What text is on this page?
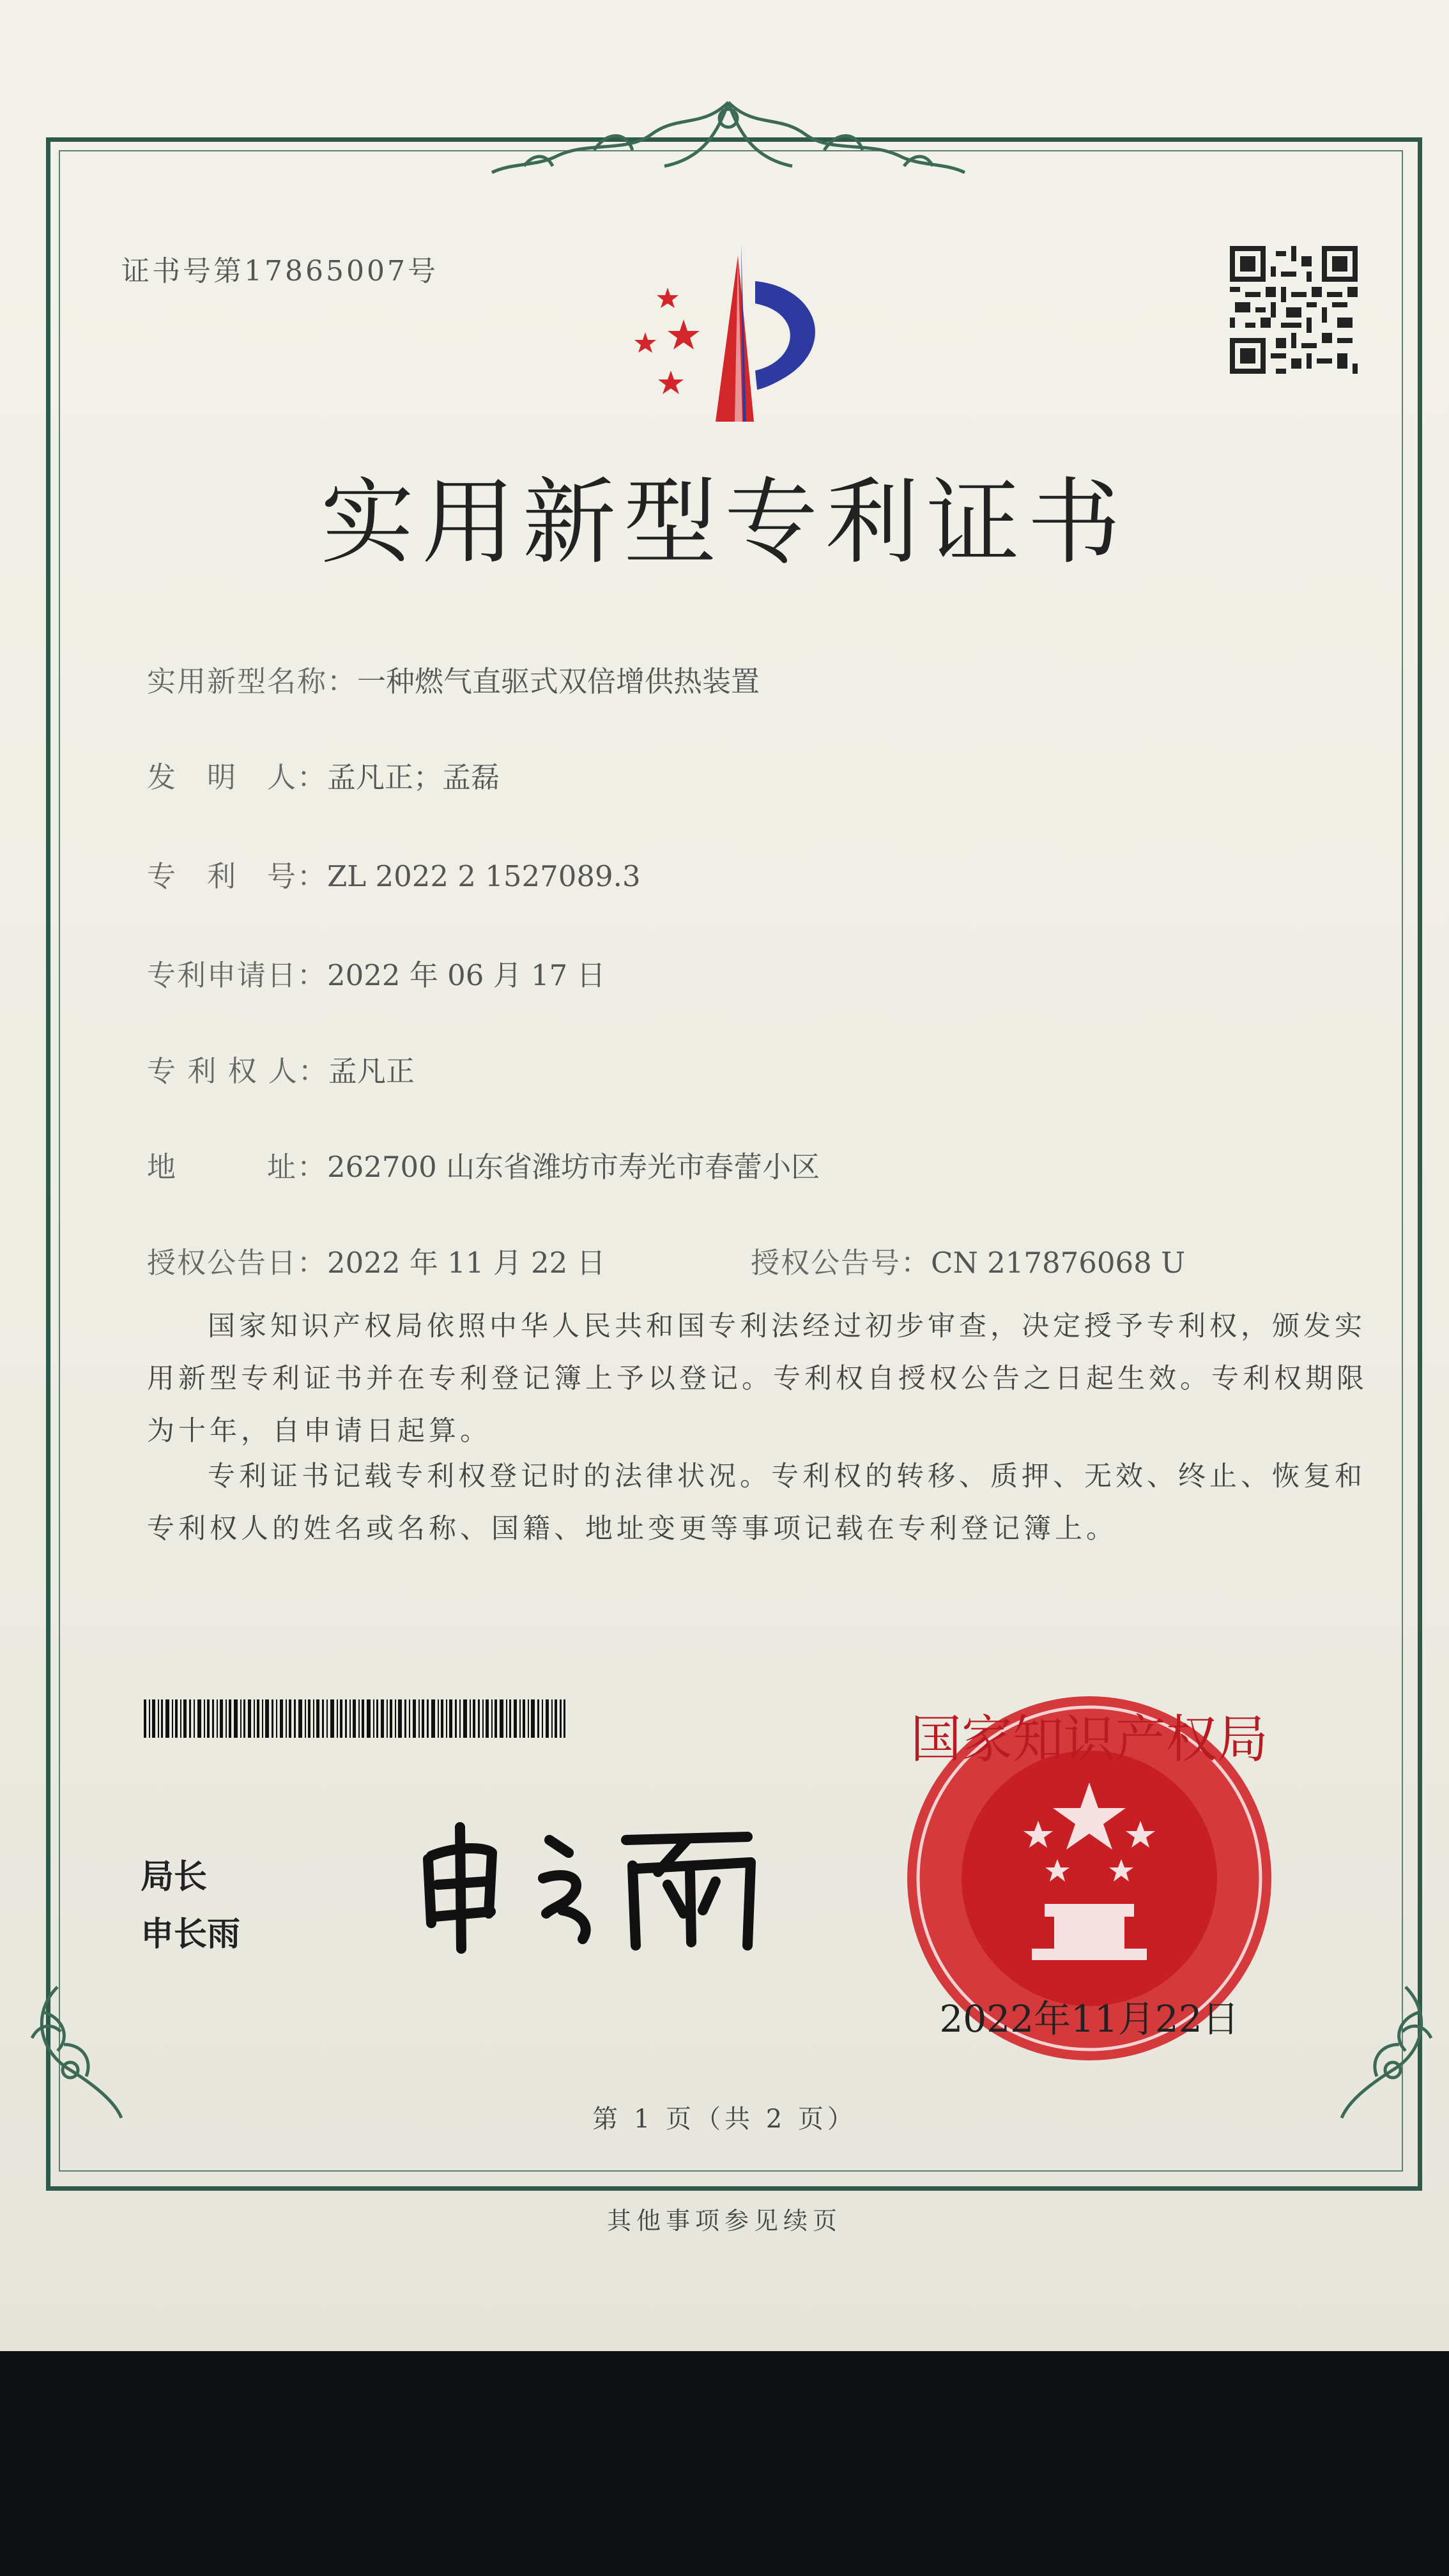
证书号第17865007号
实用新型专利证书
实用新型名称：一种燃气直驱式双倍增供热装置
发　明　人：孟凡正；孟磊
专　利　号：ZL 2022 2 1527089.3
专利申请日：2022 年 06 月 17 日
专 利 权 人：孟凡正
地　　　址：262700 山东省潍坊市寿光市春蕾小区
授权公告日：2022 年 11 月 22 日	授权公告号：CN 217876068 U
国家知识产权局依照中华人民共和国专利法经过初步审查，决定授予专利权，颁发实用新型专利证书并在专利登记簿上予以登记。专利权自授权公告之日起生效。专利权期限为十年，自申请日起算。
专利证书记载专利权登记时的法律状况。专利权的转移、质押、无效、终止、恢复和专利权人的姓名或名称、国籍、地址变更等事项记载在专利登记簿上。
局长
申长雨
国家知识产权局
2022年11月22日
第 1 页（共 2 页）
其他事项参见续页
